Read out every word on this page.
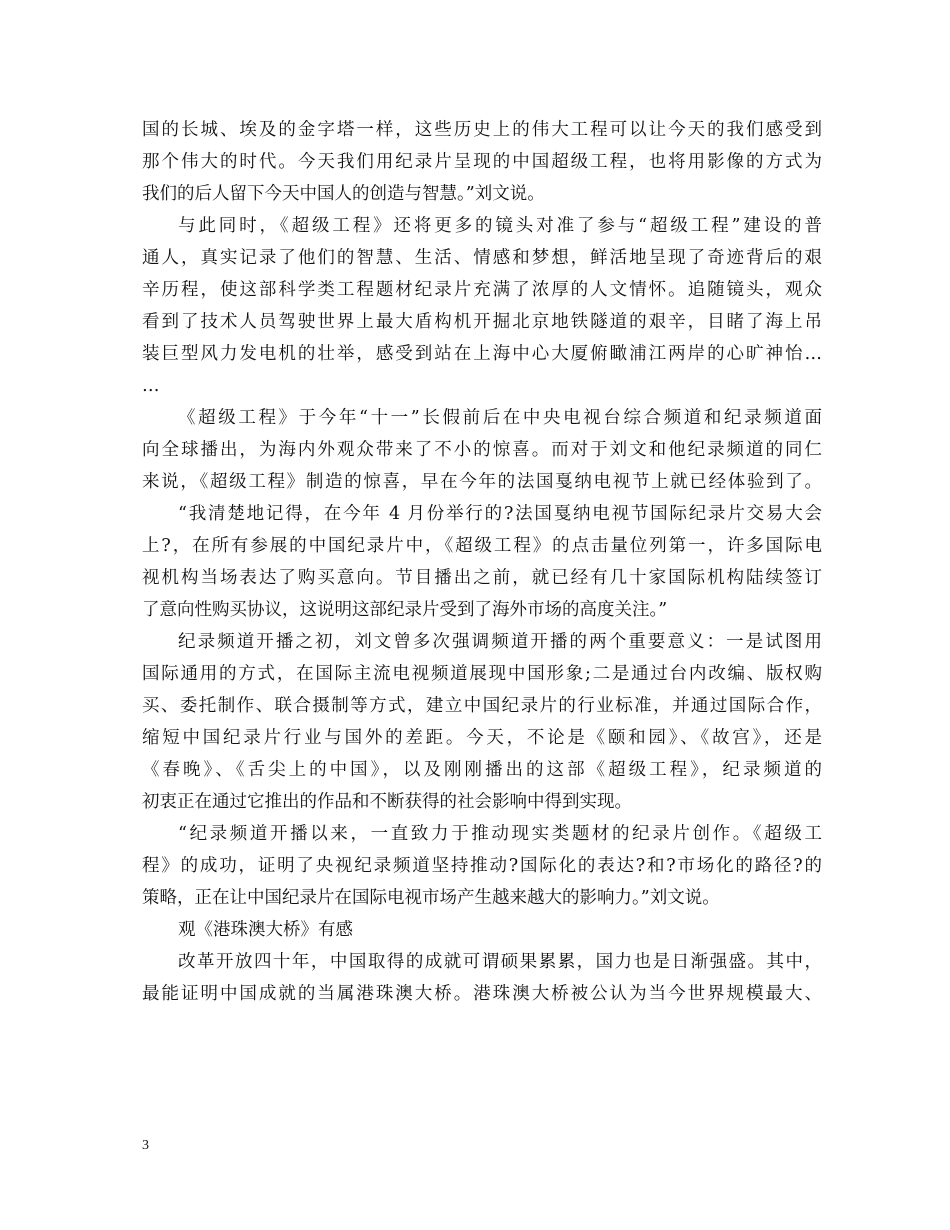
国的长城、埃及的金字塔一样，这些历史上的伟大工程可以让今天的我们感受到
那个伟大的时代。今天我们用纪录片呈现的中国超级工程，也将用影像的方式为
我们的后人留下今天中国人的创造与智慧。”刘文说。
与此同时，《超级工程》还将更多的镜头对准了参与“超级工程”建设的普
通人，真实记录了他们的智慧、生活、情感和梦想，鲜活地呈现了奇迹背后的艰
辛历程，使这部科学类工程题材纪录片充满了浓厚的人文情怀。追随镜头，观众
看到了技术人员驾驶世界上最大盾构机开掘北京地铁隧道的艰辛，目睹了海上吊
装巨型风力发电机的壮举，感受到站在上海中心大厦俯瞰浦江两岸的心旷神怡…
…
《超级工程》于今年“十一”长假前后在中央电视台综合频道和纪录频道面
向全球播出，为海内外观众带来了不小的惊喜。而对于刘文和他纪录频道的同仁
来说，《超级工程》制造的惊喜，早在今年的法国戛纳电视节上就已经体验到了。
“我清楚地记得，在今年 4 月份举行的?法国戛纳电视节国际纪录片交易大会
上?，在所有参展的中国纪录片中，《超级工程》的点击量位列第一，许多国际电
视机构当场表达了购买意向。节目播出之前，就已经有几十家国际机构陆续签订
了意向性购买协议，这说明这部纪录片受到了海外市场的高度关注。”
纪录频道开播之初，刘文曾多次强调频道开播的两个重要意义：一是试图用
国际通用的方式，在国际主流电视频道展现中国形象;二是通过台内改编、版权购
买、委托制作、联合摄制等方式，建立中国纪录片的行业标准，并通过国际合作，
缩短中国纪录片行业与国外的差距。今天，不论是《颐和园》、《故宫》，还是
《春晚》、《舌尖上的中国》，以及刚刚播出的这部《超级工程》，纪录频道的
初衷正在通过它推出的作品和不断获得的社会影响中得到实现。
“纪录频道开播以来，一直致力于推动现实类题材的纪录片创作。《超级工
程》的成功，证明了央视纪录频道坚持推动?国际化的表达?和?市场化的路径?的
策略，正在让中国纪录片在国际电视市场产生越来越大的影响力。”刘文说。
观《港珠澳大桥》有感
改革开放四十年，中国取得的成就可谓硕果累累，国力也是日渐强盛。其中，
最能证明中国成就的当属港珠澳大桥。港珠澳大桥被公认为当今世界规模最大、
3
